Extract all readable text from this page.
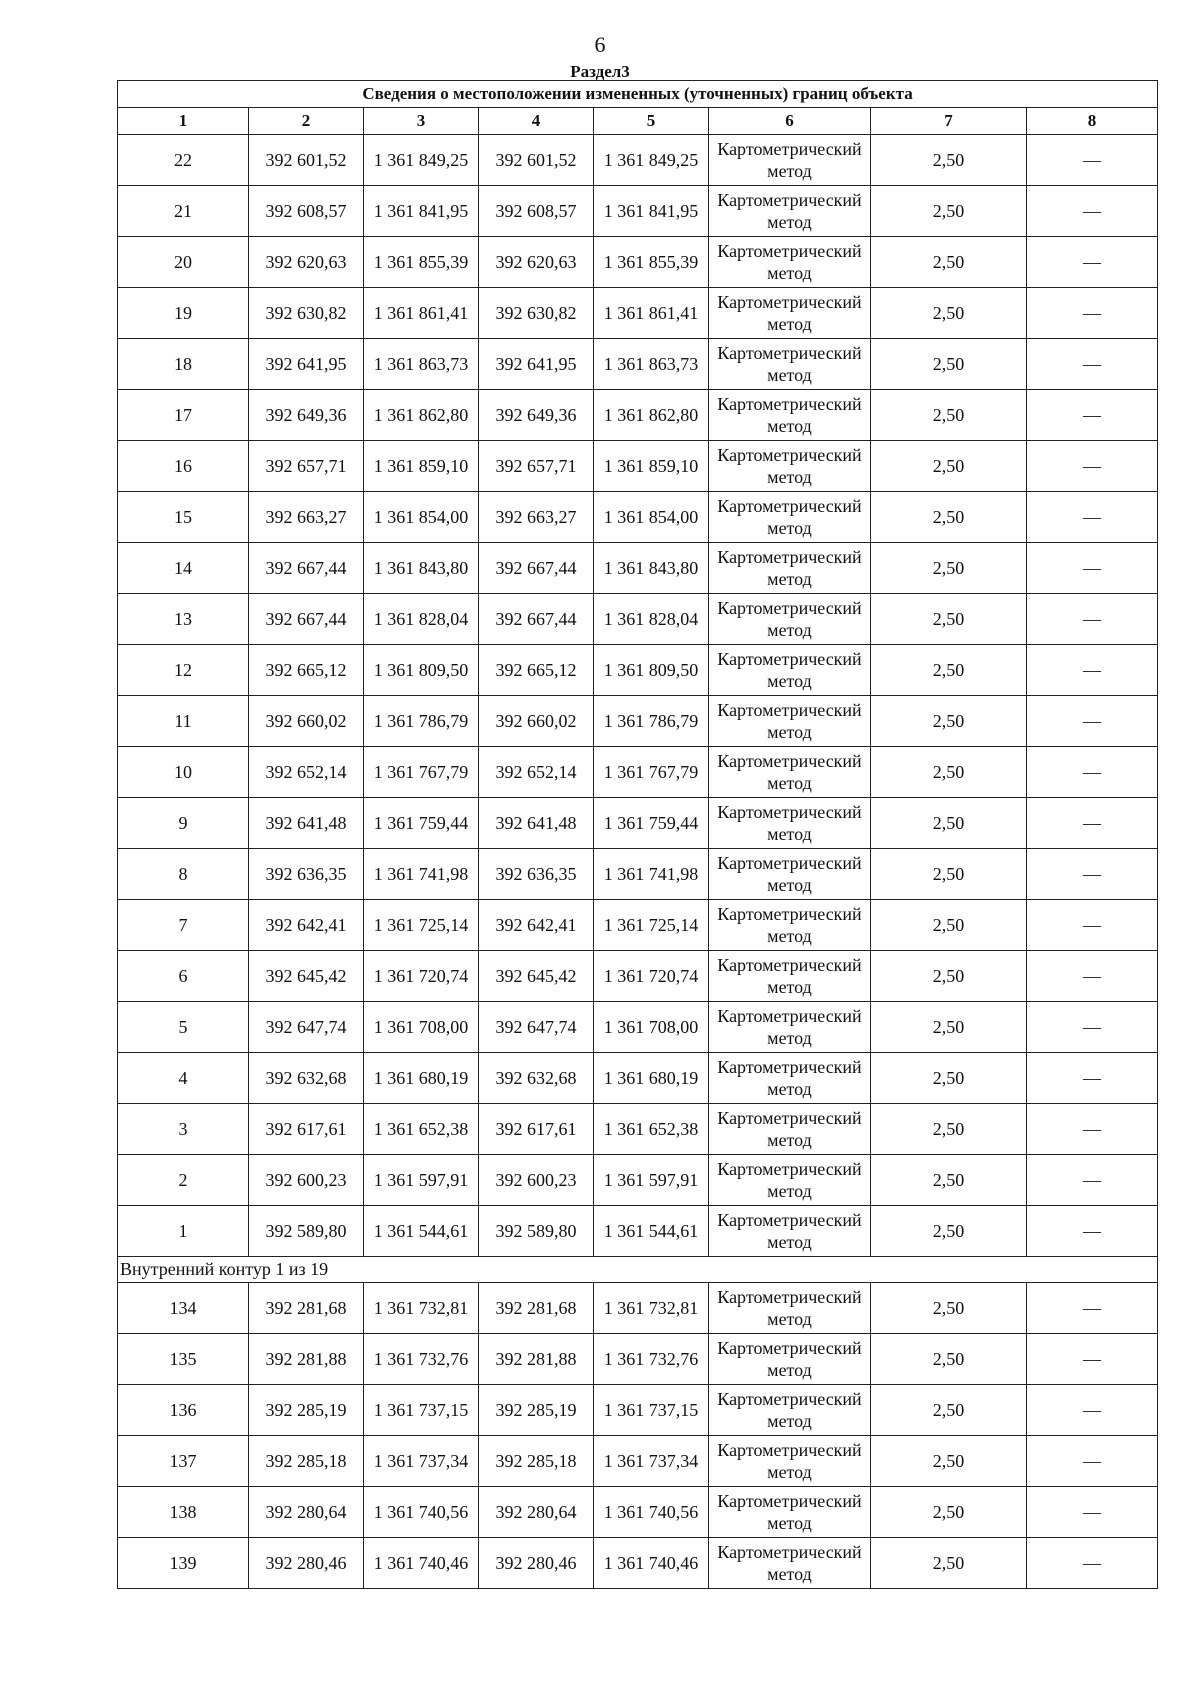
6
Раздел3
Сведения о местоположении измененных (уточненных) границ объекта							
1	2	3	4	5	6	7	8
22	392 601,52	1 361 849,25	392 601,52	1 361 849,25	Картометрический метод	2,50	—
21	392 608,57	1 361 841,95	392 608,57	1 361 841,95	Картометрический метод	2,50	—
20	392 620,63	1 361 855,39	392 620,63	1 361 855,39	Картометрический метод	2,50	—
19	392 630,82	1 361 861,41	392 630,82	1 361 861,41	Картометрический метод	2,50	—
18	392 641,95	1 361 863,73	392 641,95	1 361 863,73	Картометрический метод	2,50	—
17	392 649,36	1 361 862,80	392 649,36	1 361 862,80	Картометрический метод	2,50	—
16	392 657,71	1 361 859,10	392 657,71	1 361 859,10	Картометрический метод	2,50	—
15	392 663,27	1 361 854,00	392 663,27	1 361 854,00	Картометрический метод	2,50	—
14	392 667,44	1 361 843,80	392 667,44	1 361 843,80	Картометрический метод	2,50	—
13	392 667,44	1 361 828,04	392 667,44	1 361 828,04	Картометрический метод	2,50	—
12	392 665,12	1 361 809,50	392 665,12	1 361 809,50	Картометрический метод	2,50	—
11	392 660,02	1 361 786,79	392 660,02	1 361 786,79	Картометрический метод	2,50	—
10	392 652,14	1 361 767,79	392 652,14	1 361 767,79	Картометрический метод	2,50	—
9	392 641,48	1 361 759,44	392 641,48	1 361 759,44	Картометрический метод	2,50	—
8	392 636,35	1 361 741,98	392 636,35	1 361 741,98	Картометрический метод	2,50	—
7	392 642,41	1 361 725,14	392 642,41	1 361 725,14	Картометрический метод	2,50	—
6	392 645,42	1 361 720,74	392 645,42	1 361 720,74	Картометрический метод	2,50	—
5	392 647,74	1 361 708,00	392 647,74	1 361 708,00	Картометрический метод	2,50	—
4	392 632,68	1 361 680,19	392 632,68	1 361 680,19	Картометрический метод	2,50	—
3	392 617,61	1 361 652,38	392 617,61	1 361 652,38	Картометрический метод	2,50	—
2	392 600,23	1 361 597,91	392 600,23	1 361 597,91	Картометрический метод	2,50	—
1	392 589,80	1 361 544,61	392 589,80	1 361 544,61	Картометрический метод	2,50	—
Внутренний контур 1 из 19							
134	392 281,68	1 361 732,81	392 281,68	1 361 732,81	Картометрический метод	2,50	—
135	392 281,88	1 361 732,76	392 281,88	1 361 732,76	Картометрический метод	2,50	—
136	392 285,19	1 361 737,15	392 285,19	1 361 737,15	Картометрический метод	2,50	—
137	392 285,18	1 361 737,34	392 285,18	1 361 737,34	Картометрический метод	2,50	—
138	392 280,64	1 361 740,56	392 280,64	1 361 740,56	Картометрический метод	2,50	—
139	392 280,46	1 361 740,46	392 280,46	1 361 740,46	Картометрический метод	2,50	—
